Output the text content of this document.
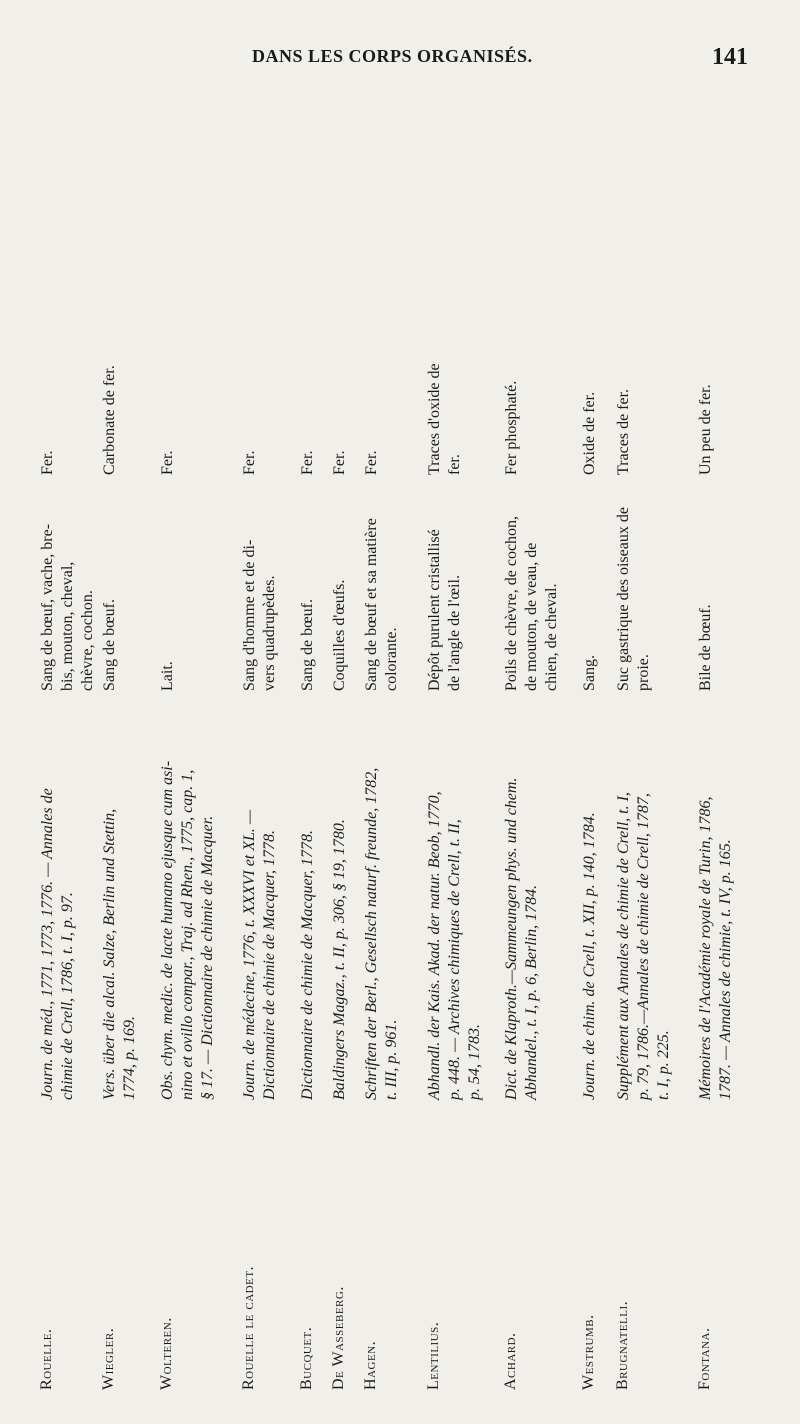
DANS LES CORPS ORGANISÉS.	141
Rouelle.
Journ. de méd., 1771, 1773, 1776. — Annales de chimie de Crell, 1786, t. I, p. 97.
Sang de bœuf, vache, bre- bis, mouton, cheval, chèvre, cochon.
Fer.
Wiegler.
Vers. über die alcal. Salze, Berlin und Stettin, 1774, p. 169.
Sang de bœuf.
Carbonate de fer.
Wolteren.
Obs. chym. medic. de lacte humano ejusque cum asi- nino et ovillo compar., Traj. ad Rhen., 1775, cap. 1, § 17. — Dictionnaire de chimie de Macquer.
Lait.
Fer.
Rouelle le cadet.
Journ. de médecine, 1776, t. XXXVI et XL. — Dictionnaire de chimie de Macquer, 1778.
Sang d'homme et de di- vers quadrupèdes.
Fer.
Bucquet.
Dictionnaire de chimie de Macquer, 1778.
Sang de bœuf.
Fer.
De Wasseberg.
Baldingers Magaz., t. II, p. 306, § 19, 1780.
Coquilles d'œufs.
Fer.
Hagen.
Schriften der Berl., Gesellsch naturf. freunde, 1782, t. III, p. 961.
Sang de bœuf et sa matière colorante.
Fer.
Lentilius.
Abhandl. der Kais. Akad. der natur. Beob, 1770, p. 448. — Archives chimiques de Crell, t. II, p. 54, 1783.
Dépôt purulent cristallisé de l'angle de l'œil.
Traces d'oxide de fer.
Achard.
Dict. de Klaproth.—Sammeungen phys. und chem. Abhandel., t. I, p. 6, Berlin, 1784.
Poils de chèvre, de cochon, de mouton, de veau, de chien, de cheval.
Fer phosphaté.
Westrumb.
Journ. de chim. de Crell, t. XII, p. 140, 1784.
Sang.
Oxide de fer.
Brugnatelli.
Supplément aux Annales de chimie de Crell, t. I, p. 79, 1786.—Annales de chimie de Crell, 1787, t. I, p. 225.
Suc gastrique des oiseaux de proie.
Traces de fer.
Fontana.
Mémoires de l'Académie royale de Turin, 1786, 1787. — Annales de chimie, t. IV, p. 165.
Bile de bœuf.
Un peu de fer.
